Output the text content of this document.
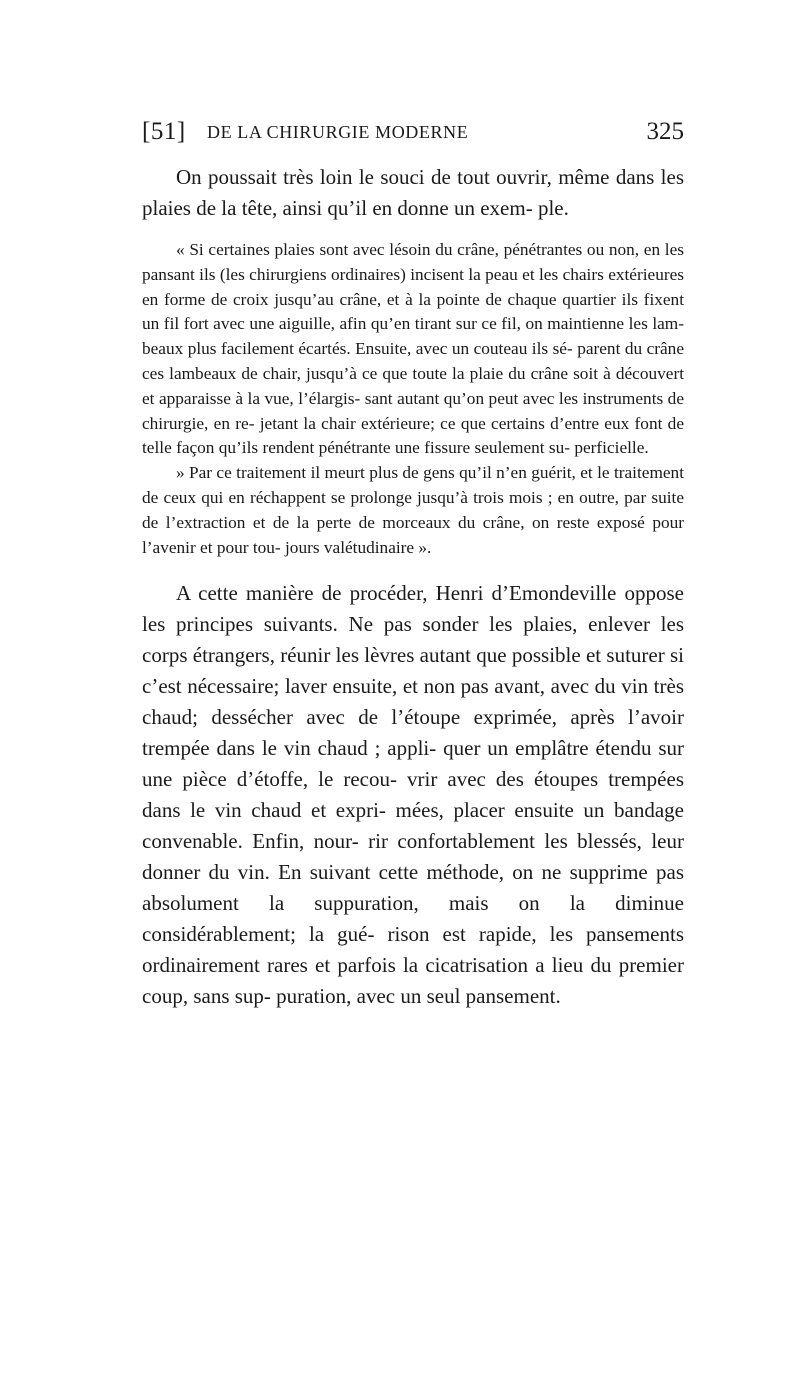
[51] DE LA CHIRURGIE MODERNE	325

On poussait très loin le souci de tout ouvrir, même dans les plaies de la tête, ainsi qu’il en donne un exem- ple.

« Si certaines plaies sont avec lésoin du crâne, pénétrantes ou non, en les pansant ils (les chirurgiens ordinaires) incisent la peau et les chairs extérieures en forme de croix jusqu’au crâne, et à la pointe de chaque quartier ils fixent un fil fort avec une aiguille, afin qu’en tirant sur ce fil, on maintienne les lam- beaux plus facilement écartés. Ensuite, avec un couteau ils sé- parent du crâne ces lambeaux de chair, jusqu’à ce que toute la plaie du crâne soit à découvert et apparaisse à la vue, l’élargis- sant autant qu’on peut avec les instruments de chirurgie, en re- jetant la chair extérieure; ce que certains d’entre eux font de telle façon qu’ils rendent pénétrante une fissure seulement su- perficielle.

» Par ce traitement il meurt plus de gens qu’il n’en guérit, et le traitement de ceux qui en réchappent se prolonge jusqu’à trois mois ; en outre, par suite de l’extraction et de la perte de morceaux du crâne, on reste exposé pour l’avenir et pour tou- jours valétudinaire ».

A cette manière de procéder, Henri d’Emondeville oppose les principes suivants. Ne pas sonder les plaies, enlever les corps étrangers, réunir les lèvres autant que possible et suturer si c’est nécessaire; laver ensuite, et non pas avant, avec du vin très chaud; dessécher avec de l’étoupe exprimée, après l’avoir trempée dans le vin chaud ; appli- quer un emplâtre étendu sur une pièce d’étoffe, le recou- vrir avec des étoupes trempées dans le vin chaud et expri- mées, placer ensuite un bandage convenable. Enfin, nour- rir confortablement les blessés, leur donner du vin. En suivant cette méthode, on ne supprime pas absolument la suppuration, mais on la diminue considérablement; la gué- rison est rapide, les pansements ordinairement rares et parfois la cicatrisation a lieu du premier coup, sans sup- puration, avec un seul pansement.
